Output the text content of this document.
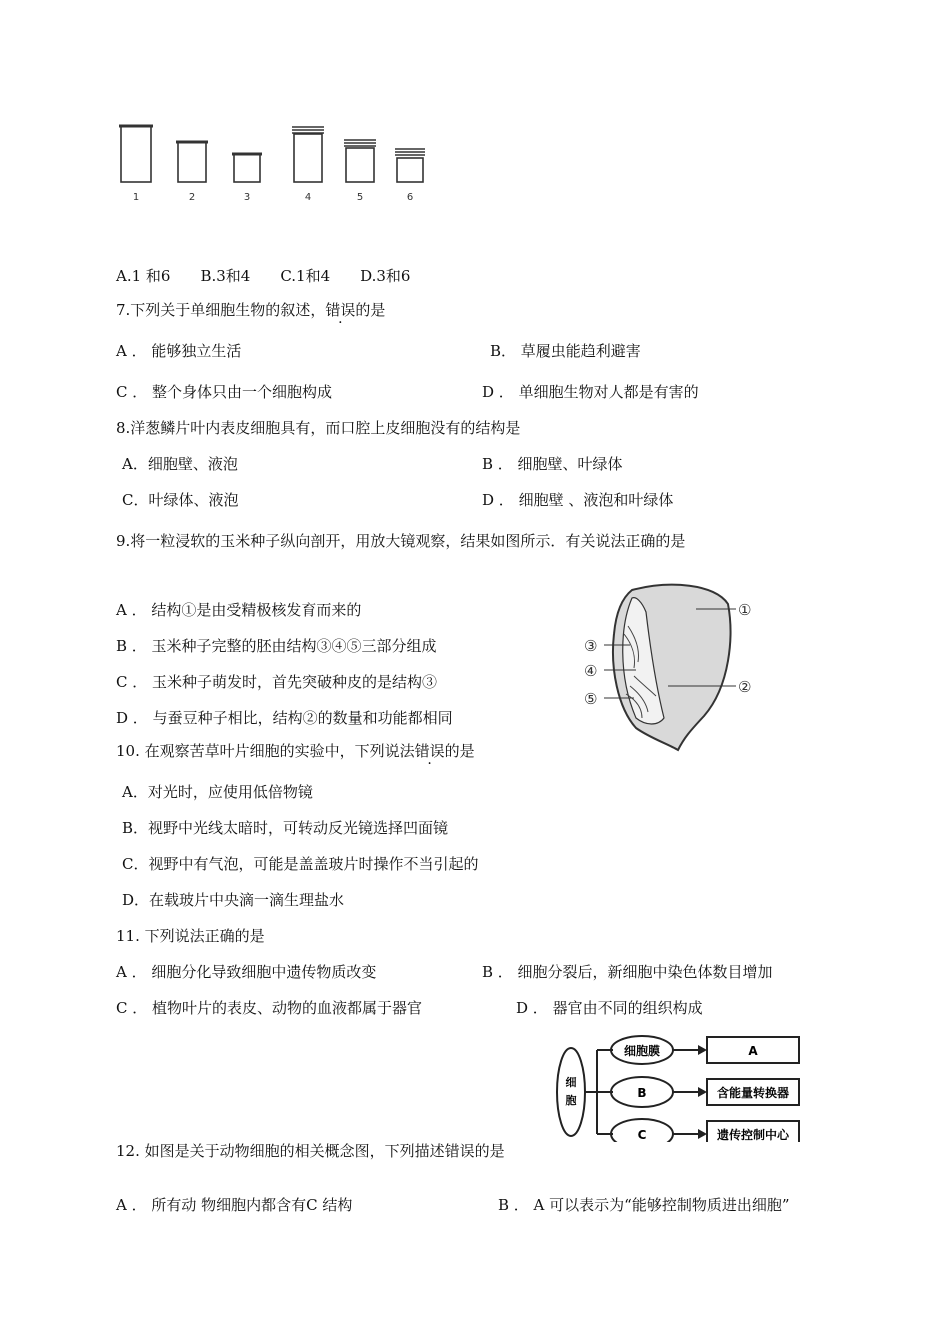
1	2	3	4	5	6
A.1 和6　　B.3和4　　C.1和4　　D.3和6
7.下列关于单细胞生物的叙述，错误的是
A ． 能够独立生活	B． 草履虫能趋利避害
C ． 整个身体只由一个细胞构成	D ． 单细胞生物对人都是有害的
8.洋葱鳞片叶内表皮细胞具有，而口腔上皮细胞没有的结构是
A．细胞壁、液泡	B ． 细胞壁、叶绿体
C．叶绿体、液泡	D ． 细胞壁 、液泡和叶绿体
9.将一粒浸软的玉米种子纵向剖开，用放大镜观察，结果如图所示．有关说法正确的是
A ． 结构①是由受精极核发育而来的
B ． 玉米种子完整的胚由结构③④⑤三部分组成
C ． 玉米种子萌发时，首先突破种皮的是结构③
D ． 与蚕豆种子相比，结构②的数量和功能都相同
①
②
③
④
⑤
10. 在观察苦草叶片细胞的实验中，下列说法错误的是
A．对光时，应使用低倍物镜
B．视野中光线太暗时，可转动反光镜选择凹面镜
C．视野中有气泡，可能是盖盖玻片时操作不当引起的
D．在载玻片中央滴一滴生理盐水
11. 下列说法正确的是
A ． 细胞分化导致细胞中遗传物质改变	B ． 细胞分裂后，新细胞中染色体数目增加
C ． 植物叶片的表皮、动物的血液都属于器官	D ． 器官由不同的组织构成
细
胞
细胞膜
B
C
A
含能量转换器
遗传控制中心
12. 如图是关于动物细胞的相关概念图，下列描述错误的是
A ． 所有动 物细胞内都含有C 结构	B ． A 可以表示为“能够控制物质进出细胞”
